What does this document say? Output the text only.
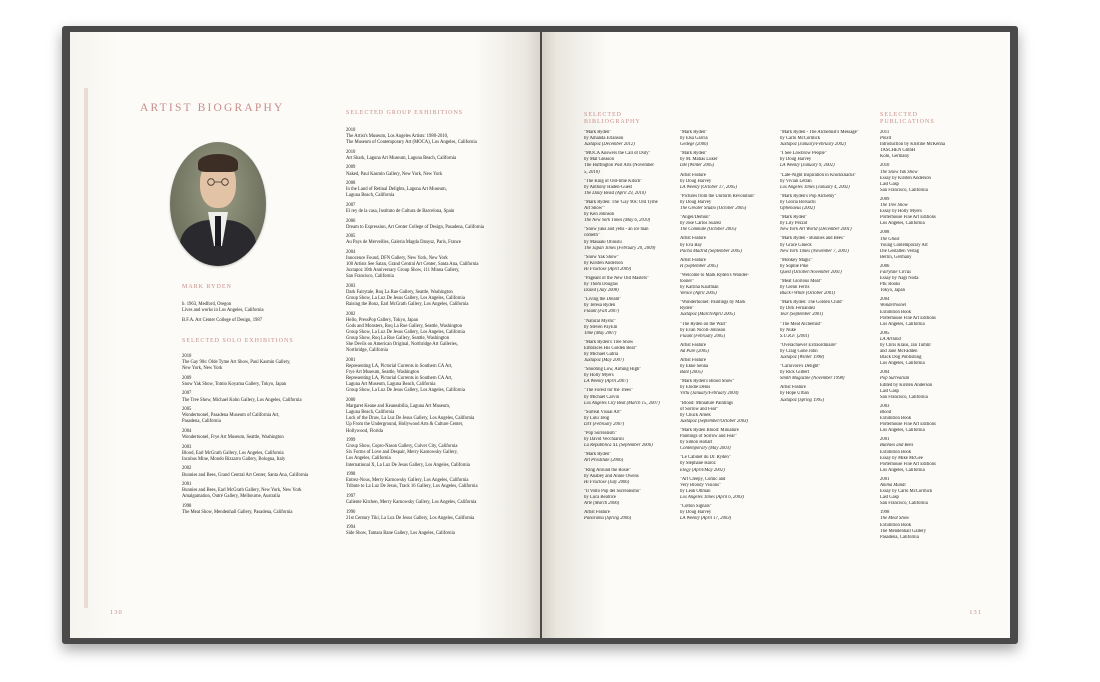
ARTIST BIOGRAPHY
MARK RYDEN
b. 1963, Medford, Oregon
Lives and works in Los Angeles, California
B.F.A. Art Center College of Design, 1987
SELECTED SOLO EXHIBITIONS
2010
The Gay 90s: Olde Tyme Art Show, Paul Kasmin Gallery,
New York, New York
2009
Snow Yak Show, Tomio Koyama Gallery, Tokyo, Japan
2007
The Tree Show, Michael Kohn Gallery, Los Angeles, California
2005
Wondertoonel, Pasadena Museum of California Art,
Pasadena, California
2004
Wondertoonel, Frye Art Museum, Seattle, Washington
2003
Blood, Earl McGrath Gallery, Los Angeles, California
Incubus Mine, Mondo Bizzarro Gallery, Bologna, Italy
2002
Bunnies and Bees, Grand Central Art Center, Santa Ana, California
2001
Bunnies and Bees, Earl McGrath Gallery, New York, New York
Amalgamation, Outré Gallery, Melbourne, Australia
1998
The Meat Show, Mendenhall Gallery, Pasadena, California
SELECTED GROUP EXHIBITIONS
2010
The Artist's Museum, Los Angeles Artists: 1980-2010,
The Museum of Contemporary Art (MOCA), Los Angeles, California
2010
Art Shark, Laguna Art Museum, Laguna Beach, California
2009
Naked, Paul Kasmin Gallery, New York, New York
2008
In the Land of Retinal Delights, Laguna Art Museum,
Laguna Beach, California
2007
El rey de la casa, Instituto de Cultura de Barcelona, Spain
2006
Dream to Expression, Art Center College of Design, Pasadena, California
2005
Au Pays de Merveilles, Galeria Magda Danysz, Paris, France
2004
Innocence Found, DFN Gallery, New York, New York
100 Artists See Satan, Grand Central Art Center, Santa Ana, California
Juxtapoz 10th Anniversary Group Show, 111 Minna Gallery,
San Francisco, California
2003
Dark Fairytale, Roq La Rue Gallery, Seattle, Washington
Group Show, La Luz De Jesus Gallery, Los Angeles, California
Raising the Bonz, Earl McGrath Gallery, Los Angeles, California
2002
Hello, PressPop Gallery, Tokyo, Japan
Gods and Monsters, Roq La Rue Gallery, Seattle, Washington
Group Show, La Luz De Jesus Gallery, Los Angeles, California
Group Show, Roq La Rue Gallery, Seattle, Washington
She Devils on American Original, Northridge Art Galleries,
Northridge, California
2001
Representing LA, Pictorial Currents in Southern CA Art,
Frye Art Museum, Seattle, Washington
Representing LA, Pictorial Currents in Southern CA Art,
Laguna Art Museum, Laguna Beach, California
Group Show, La Luz De Jesus Gallery, Los Angeles, California
2000
Margaret Keane and Keaneabilia, Laguna Art Museum,
Laguna Beach, California
Luck of the Draw, La Luz De Jesus Gallery, Los Angeles, California
Up From the Underground, Hollywood Arts & Culture Center,
Hollywood, Florida
1999
Group Show, Copro-Nason Gallery, Culver City, California
Six Forms of Love and Despair, Merry Karnowsky Gallery,
Los Angeles, California
International X, La Luz De Jesus Gallery, Los Angeles, California
1998
Entrez-Nous, Merry Karnowsky Gallery, Los Angeles, California
Tribute to La Luz De Jesus, Track 16 Gallery, Los Angeles, California
1997
Caliente Kitchen, Merry Karnowsky Gallery, Los Angeles, California
1996
21st Century Tiki, La Luz De Jesus Gallery, Los Angeles, California
1994
Side Show, Tamara Bane Gallery, Los Angeles, California
130
SELECTED BIBLIOGRAPHY
SELECTED PUBLICATIONS
"Mark Ryden"
by Amanda Erlanson
Juxtapoz (December 2012)
"MOCA Answers the Call of Duty"
by Mat Gleason
The Huffington Post Arts (November
5, 2010)
"The King of Old-time Kitsch"
by Anthony Haden-Guest
The Daily Beast (April 29, 2010)
"Mark Ryden: The 'Gay 90s: Old Tyme
Art Show'"
by Ken Johnson
The New York Times (May 6, 2010)
"Snow yaks and yetis - an ice man
cometh"
by Masaaki Ohnishi
The Japan Times (February 20, 2009)
"Snow Yak Show"
by Kirsten Anderson
Hi Fructose (April 2009)
"Pageant of the New Old Masters"
by Thom Douglas
Dazed (July 2008)
"Living the Dream"
by Teresa Ryden
Flaunt (Fall 2007)
"Natural Mystic"
by Steven PayEm
Time (May 2007)
"Mark Ryden's Tree Show
Embraces His Golden Bear"
by Michael Gatria
Juxtapoz (May 2007)
"Shooting Low, Aiming High"
by Holly Myers
LA Weekly (April 2007)
"The Forest for the Trees"
by Michael Carvin
Los Angeles City Beat (March 15, 2007)
"Surreal Visual Art"
by Lulu Teng
DIY (February 2007)
"Pop Surrealism"
by David Vecchiarini
La Repubblica XL (September 2006)
"Mark Ryden"
Art Prostitute (2006)
"Ring Around the Rosie"
by Anabey and Annie Owens
Hi Fructose (July 2006)
"Il Volto Pop del Surrealismo"
by Luca Beatrice
Arte (March 2006)
Artist Feature
Panorama (Spring 2006)
"Mark Ryden"
by Elsa Garcia
Gedegé (2006)
"Mark Ryden"
by M. Matías Luker
DH (Winter 2005)
Artist Feature
by Doug Harvey
LA Weekly (October 17, 2005)
"Pictures from the Uniform Revolution"
by Doug Harvey
The Greater Studio (October 2005)
"Angel/Demon"
by Jose Carlos Suarez
The Commute (October 2005)
Artist Feature
by Eva Ray
Pacha Madrid (September 2005)
Artist Feature
H (September 2005)
"Welcome to Mark Ryden's Wonder-
toonel"
by Katrina Kaufman
Venice (April 2005)
"Wondertoonel: Paintings by Mark
Ryden"
Juxtapoz (March/April 2005)
"The Ryden on the Wall"
by Evan Nicoll-Johnson
Flaunt (February 2005)
Artist Feature
Ad Pure (2005)
Artist Feature
by Ekke Senna
Bant (2005)
"Mark Ryden's Blood Show"
by Elodie Denis
Virtu (January/February 2004)
"Blood: Miniature Paintings
of Sorrow and Fear"
by Chuck Arnek
Juxtapoz (September/October 2003)
"Mark Ryden Blood: Miniature
Paintings of Sorrow and Fear"
by Simon Hobart
Contemporary (May 2003)
"Le Cabinet du Dr. Ryden"
by Stéphane Haroz
Elegy (April/May 2002)
"Art Creepy, Comic and
Very Bloody Visions"
by Leah Ollman
Los Angeles Times (April 6, 2003)
"Cotton Signals"
by Doug Harvey
LA Weekly (April 17, 2003)
"Mark Ryden - The Alchemist's Message"
by Carlo McCormick
Juxtapoz (January/February 2002)
"I See Lowbrow People"
by Doug Harvey
LA Weekly (January 9, 2002)
"Late-Night Inspiration in Knickknacks"
by Vivian Letran
Los Angeles Times (January 4, 2002)
"Mark Ryden's Pop Alchemy"
by Gloria Borsachi
Ophenaeus (2002)
"Mark Ryden"
by Lily Pezzot
New York Art World (December 2001)
"Mark Ryden - Bunnies and Bees"
by Grace Glueck
New York Times (November 7, 2001)
"Monkey Magic"
by Sophie Pike
Quest (October/November 2001)
"Meat Glorious Meat"
by Glenn Ferris
Black+White (October 2001)
"Mark Ryden: The Golden Child"
by Dirk Fernandez
Tear (September 2001)
"The Meat Alchemist"
by Nuke
S.U.R.F. (2001)
"Overachiever Extraordinaire"
by Craig Gone John
Juxtapoz (Winter 1998)
"Carnivore's Delight"
by Rick Gilbert
Smith Magazine (November 1998)
Artist Feature
by Hope Urban
Juxtapoz (Spring 1995)
2011
Pinxit
Introduction by Kristine McKenna
TASCHEN GmbH
Köln, Germany
2010
The Snow Yak Show
Essay by Kirsten Anderson
Last Gasp
San Francisco, California
2009
The Tree Show
Essay by Holly Myers
Porterhouse Fine Art Editions
Los Angeles, California
2008
The Ghost
Young Contemporary Art
Die Gestalten Verlag
Berlin, Germany
2006
Fairytale Circus
Essay by Nagi Noda
PIE Books
Tokyo, Japan
2004
Wondertoonel
Exhibition Book
Porterhouse Fine Art Editions
Los Angeles, California
2005
LA Artland
by Chris Kraus, Jan Tumlir
and Jane McFadden
Black Dog Publishing
Los Angeles, California
2004
Pop Surrealism
Edited by Kirsten Anderson
Last Gasp
San Francisco, California
2003
Blood
Exhibition Book
Porterhouse Fine Art Editions
Los Angeles, California
2001
Bunnies and Bees
Exhibition Book
Essay by Mike McGee
Porterhouse Fine Art Editions
Los Angeles, California
2001
Anima Mundi
Essay by Carlo McCormick
Last Gasp
San Francisco, California
1998
The Meat Show
Exhibition Book
The Mendenhall Gallery
Pasadena, California
131
